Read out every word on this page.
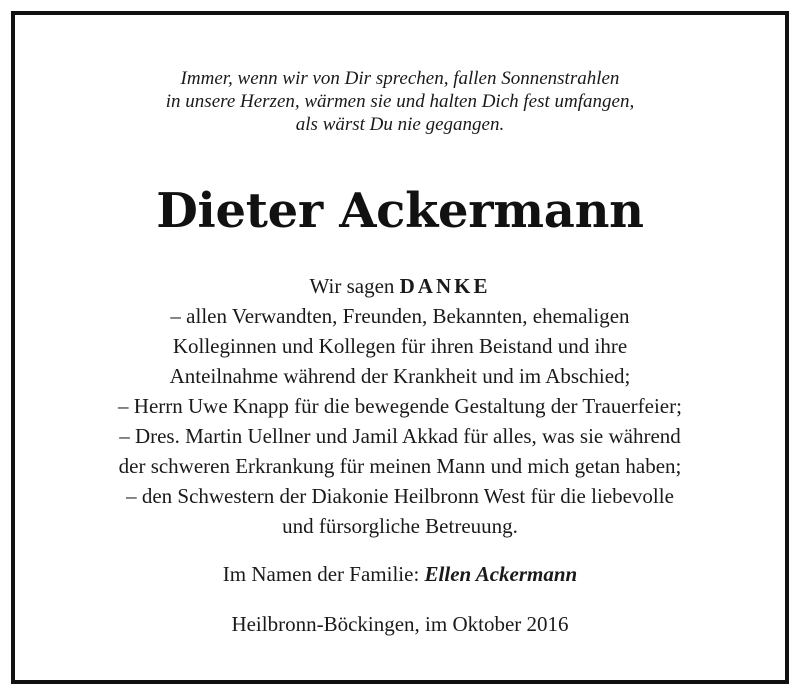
Immer, wenn wir von Dir sprechen, fallen Sonnenstrahlen
in unsere Herzen, wärmen sie und halten Dich fest umfangen,
als wärst Du nie gegangen.
Dieter Ackermann
Wir sagen DANKE
– allen Verwandten, Freunden, Bekannten, ehemaligen
Kolleginnen und Kollegen für ihren Beistand und ihre
Anteilnahme während der Krankheit und im Abschied;
– Herrn Uwe Knapp für die bewegende Gestaltung der Trauerfeier;
– Dres. Martin Uellner und Jamil Akkad für alles, was sie während
der schweren Erkrankung für meinen Mann und mich getan haben;
– den Schwestern der Diakonie Heilbronn West für die liebevolle
und fürsorgliche Betreuung.
Im Namen der Familie: Ellen Ackermann
Heilbronn-Böckingen, im Oktober 2016
